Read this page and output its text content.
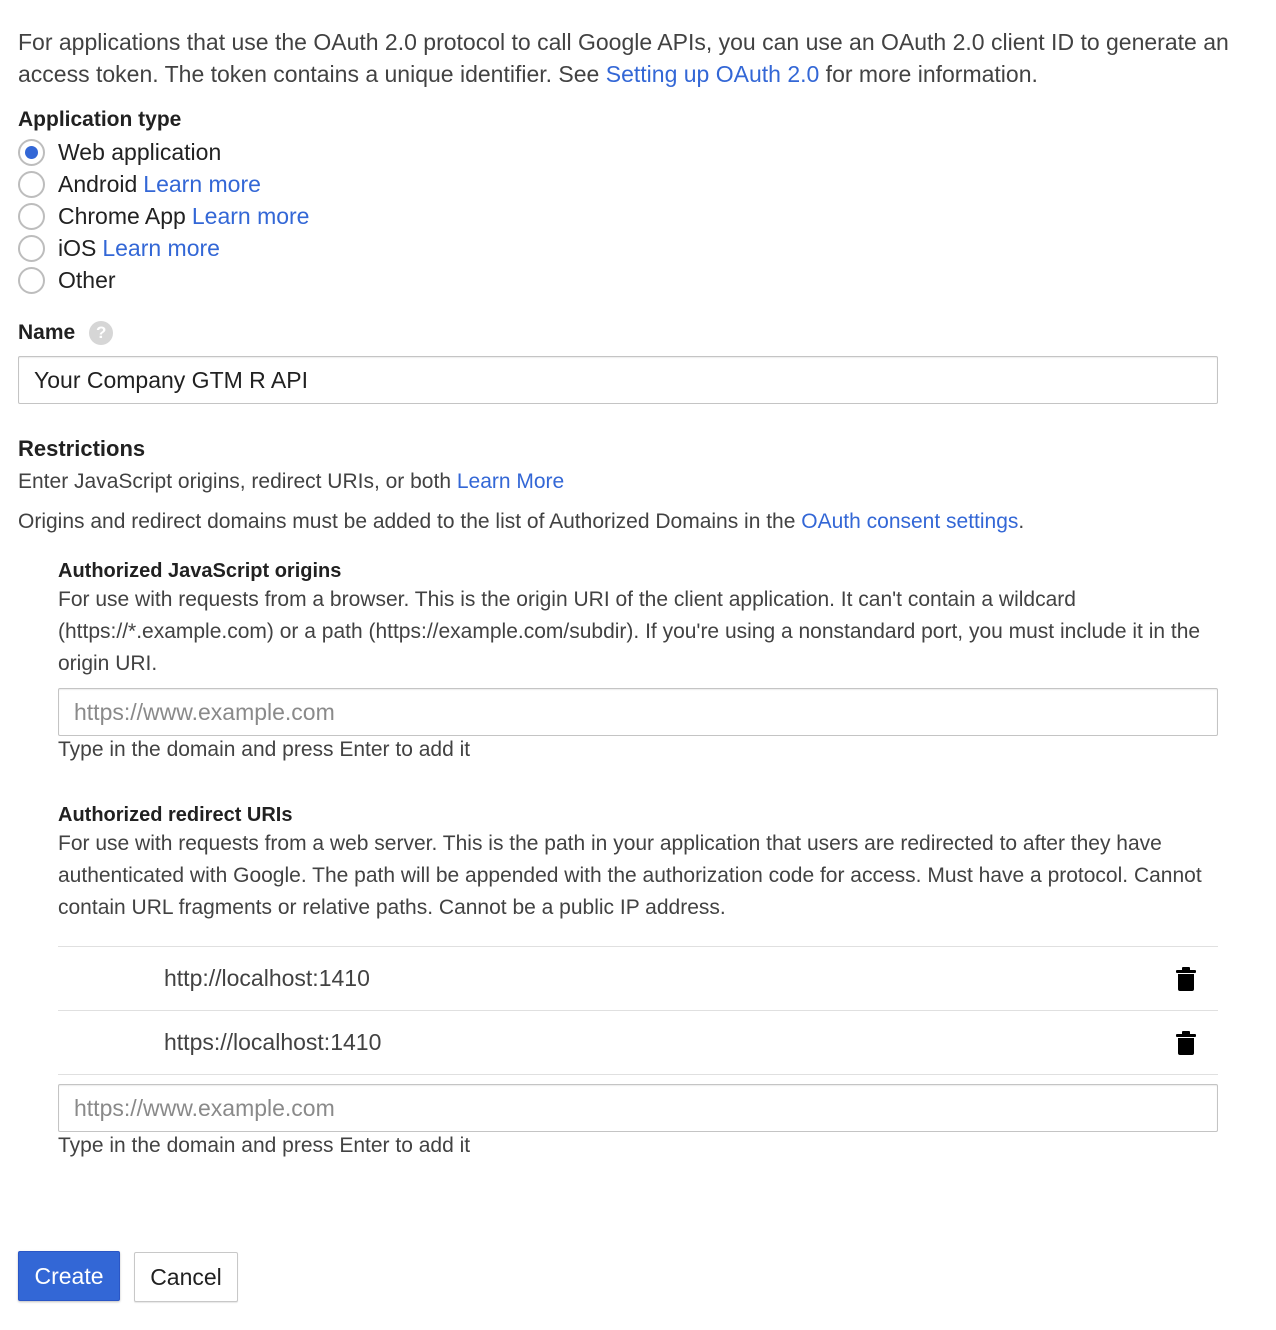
For applications that use the OAuth 2.0 protocol to call Google APIs, you can use an OAuth 2.0 client ID to generate an access token. The token contains a unique identifier. See Setting up OAuth 2.0 for more information.
Application type
Web application
Android Learn more
Chrome App Learn more
iOS Learn more
Other
Name	?
Your Company GTM R API
Restrictions
Enter JavaScript origins, redirect URIs, or both Learn More
Origins and redirect domains must be added to the list of Authorized Domains in the OAuth consent settings.
Authorized JavaScript origins
For use with requests from a browser. This is the origin URI of the client application. It can't contain a wildcard (https://*.example.com) or a path (https://example.com/subdir). If you're using a nonstandard port, you must include it in the origin URI.
https://www.example.com
Type in the domain and press Enter to add it
Authorized redirect URIs
For use with requests from a web server. This is the path in your application that users are redirected to after they have authenticated with Google. The path will be appended with the authorization code for access. Must have a protocol. Cannot contain URL fragments or relative paths. Cannot be a public IP address.
http://localhost:1410
https://localhost:1410
https://www.example.com
Type in the domain and press Enter to add it
Create	Cancel
